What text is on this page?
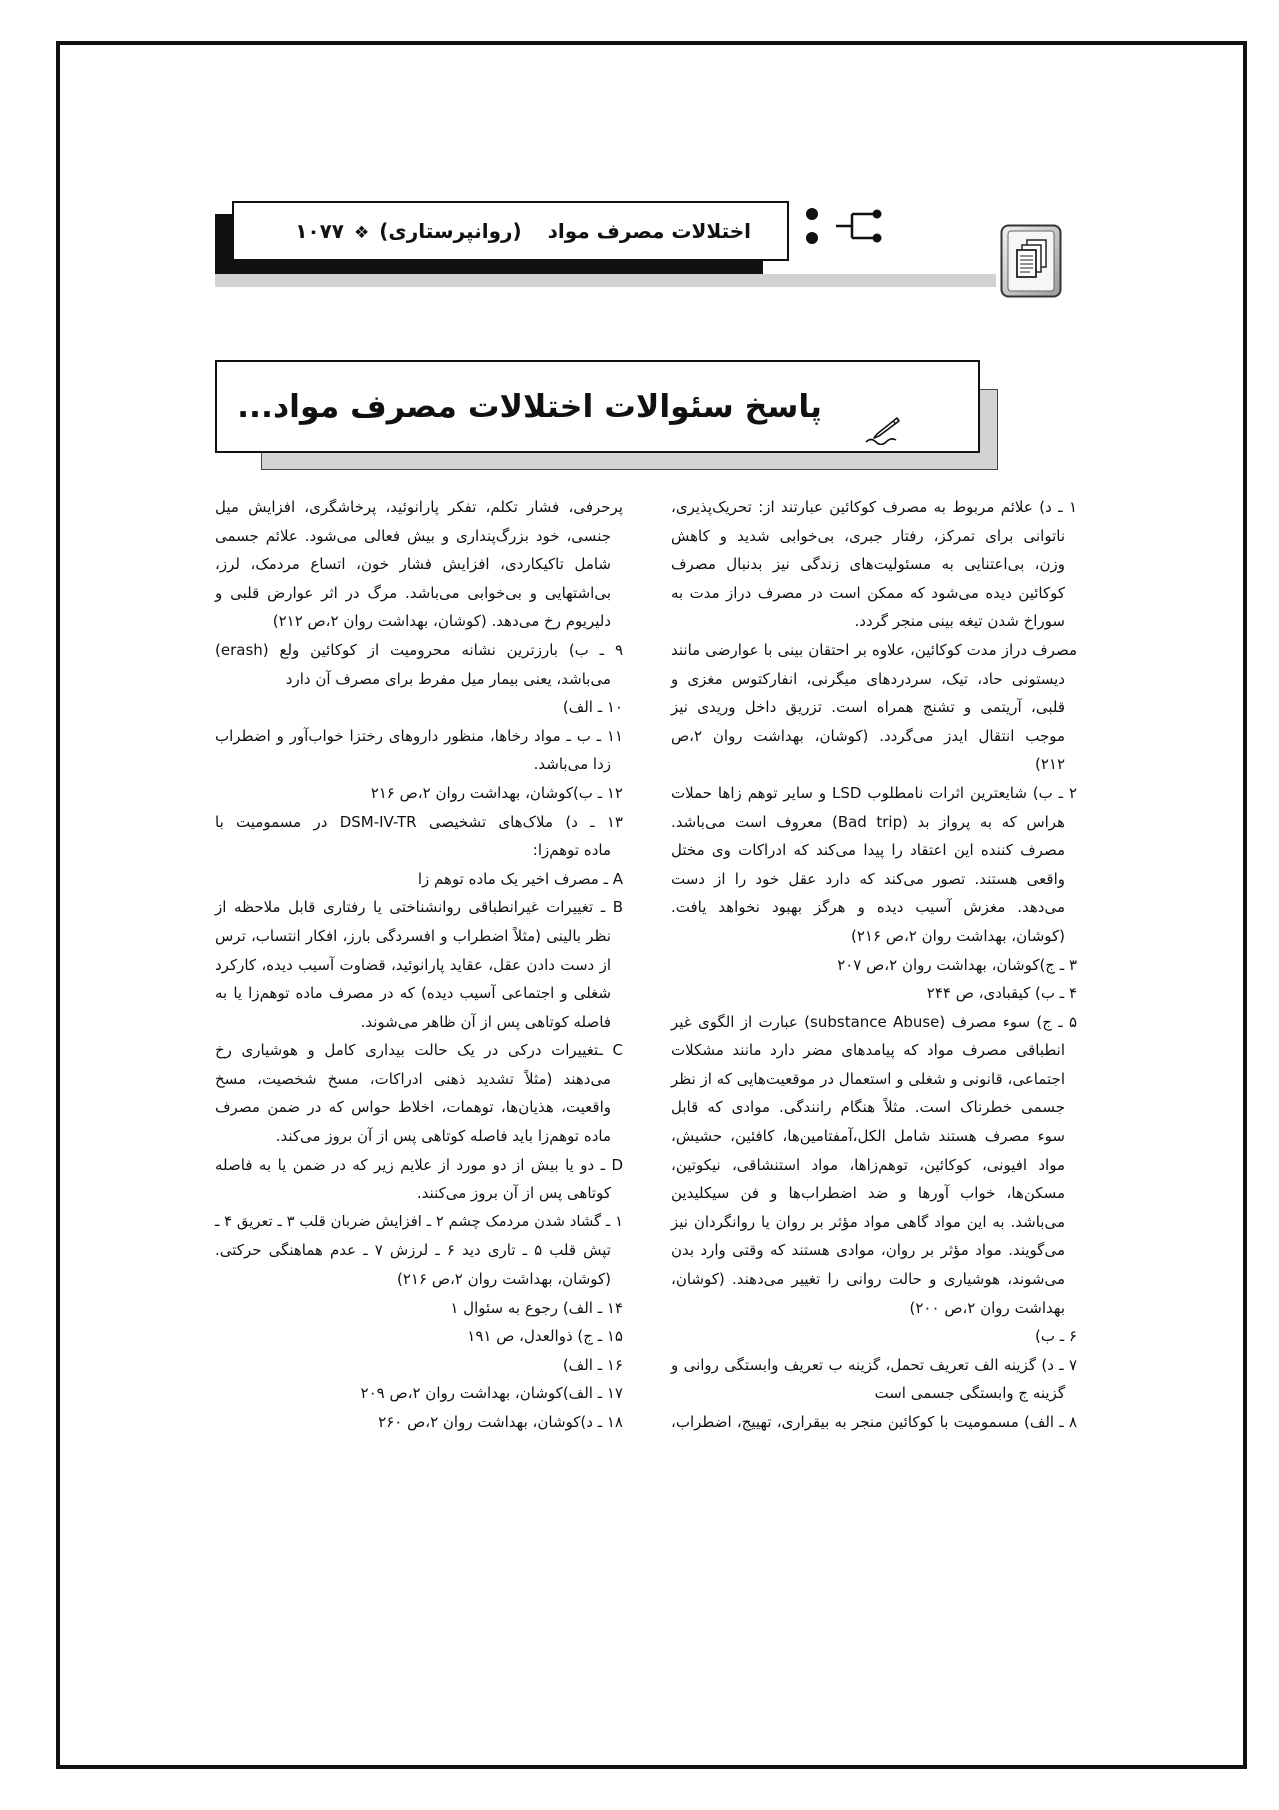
اختلالات مصرف مواد(روانپرستاری)❖۱۰۷۷
پاسخ سئوالات اختلالات مصرف مواد...
۱ ـ د) علائم مربوط به مصرف کوکائین عبارتند از: تحریک‌پذیری،
ناتوانی برای تمرکز، رفتار جبری، بی‌خوابی شدید و کاهش
وزن، بی‌اعتنایی به مسئولیت‌های زندگی نیز بدنبال مصرف
کوکائین دیده می‌شود که ممکن است در مصرف دراز مدت به
سوراخ شدن تیغه بینی منجر گردد.
مصرف دراز مدت کوکائین، علاوه بر احتقان بینی با عوارضی مانند
دیستونی حاد، تیک، سردردهای میگرنی، انفارکتوس مغزی و
قلبی، آریتمی و تشنج همراه است. تزریق داخل وریدی نیز
موجب انتقال ایدز می‌گردد. (کوشان، بهداشت روان ۲،ص
۲۱۲)
۲ ـ ب) شایعترین اثرات نامطلوب LSD و سایر توهم زاها حملات
هراس که به پرواز بد (Bad trip) معروف است می‌باشد.
مصرف کننده این اعتقاد را پیدا می‌کند که ادراکات وی مختل
واقعی هستند. تصور می‌کند که دارد عقل خود را از دست
می‌دهد. مغزش آسیب دیده و هرگز بهبود نخواهد یافت.
(کوشان، بهداشت روان ۲،ص ۲۱۶)
۳ ـ ج)کوشان، بهداشت روان ۲،ص ۲۰۷
۴ ـ ب) کیقبادی، ص ۲۴۴
۵ ـ ج) سوء مصرف (substance Abuse) عبارت از الگوی غیر
انطباقی مصرف مواد که پیامدهای مضر دارد مانند مشکلات
اجتماعی، قانونی و شغلی و استعمال در موقعیت‌هایی که از نظر
جسمی خطرناک است. مثلاً هنگام رانندگی. موادی که قابل
سوء مصرف هستند شامل الکل،آمفتامین‌ها، کافئین، حشیش،
مواد افیونی، کوکائین، توهم‌زاها، مواد استنشاقی، نیکوتین،
مسکن‌ها، خواب آورها و ضد اضطراب‌ها و فن سیکلیدین
می‌باشد. به این مواد گاهی مواد مؤثر بر روان یا روانگردان نیز
می‌گویند. مواد مؤثر بر روان، موادی هستند که وقتی وارد بدن
می‌شوند، هوشیاری و حالت روانی را تغییر می‌دهند. (کوشان،
بهداشت روان ۲،ص ۲۰۰)
۶ ـ ب)
۷ ـ د) گزینه الف تعریف تحمل، گزینه ب تعریف وابستگی روانی و
گزینه ج وابستگی جسمی است
۸ ـ الف) مسمومیت با کوکائین منجر به بیقراری، تهییج، اضطراب،
پرحرفی، فشار تکلم، تفکر پارانوئید، پرخاشگری، افزایش میل
جنسی، خود بزرگ‌پنداری و بیش فعالی می‌شود. علائم جسمی
شامل تاکیکاردی، افزایش فشار خون، اتساع مردمک، لرز،
بی‌اشتهایی و بی‌خوابی می‌باشد. مرگ در اثر عوارض قلبی و
دلیریوم رخ می‌دهد. (کوشان، بهداشت روان ۲،ص ۲۱۲)
۹ ـ ب) بارزترین نشانه محرومیت از کوکائین ولع (erash)
می‌باشد، یعنی بیمار میل مفرط برای مصرف آن دارد
۱۰ ـ الف)
۱۱ ـ ب ـ مواد رخاها، منظور داروهای رختزا خواب‌آور و اضطراب
زدا می‌باشد.
۱۲ ـ ب)کوشان، بهداشت روان ۲،ص ۲۱۶
۱۳ ـ د) ملاک‌های تشخیصی DSM-IV-TR در مسمومیت با
ماده توهم‌زا:
A ـ مصرف اخیر یک ماده توهم زا
B ـ تغییرات غیرانطباقی روانشناختی یا رفتاری قابل ملاحظه از
نظر بالینی (مثلاً اضطراب و افسردگی بارز، افکار انتساب، ترس
از دست دادن عقل، عقاید پارانوئید، قضاوت آسیب دیده، کارکرد
شغلی و اجتماعی آسیب دیده) که در مصرف ماده توهم‌زا یا به
فاصله کوتاهی پس از آن ظاهر می‌شوند.
C ـتغییرات درکی در یک حالت بیداری کامل و هوشیاری رخ
می‌دهند (مثلاً تشدید ذهنی ادراکات، مسخ شخصیت، مسخ
واقعیت، هذیان‌ها، توهمات، اخلاط حواس که در ضمن مصرف
ماده توهم‌زا باید فاصله کوتاهی پس از آن بروز می‌کند.
D ـ دو یا بیش از دو مورد از علایم زیر که در ضمن یا به فاصله
کوتاهی پس از آن بروز می‌کنند.
۱ ـ گشاد شدن مردمک چشم ۲ ـ افزایش ضربان قلب ۳ ـ تعریق ۴ ـ
تپش قلب ۵ ـ تاری دید ۶ ـ لرزش ۷ ـ عدم هماهنگی حرکتی.
(کوشان، بهداشت روان ۲،ص ۲۱۶)
۱۴ ـ الف) رجوع به سئوال ۱
۱۵ ـ ج) ذوالعدل، ص ۱۹۱
۱۶ ـ الف)
۱۷ ـ الف)کوشان، بهداشت روان ۲،ص ۲۰۹
۱۸ ـ د)کوشان، بهداشت روان ۲،ص ۲۶۰
